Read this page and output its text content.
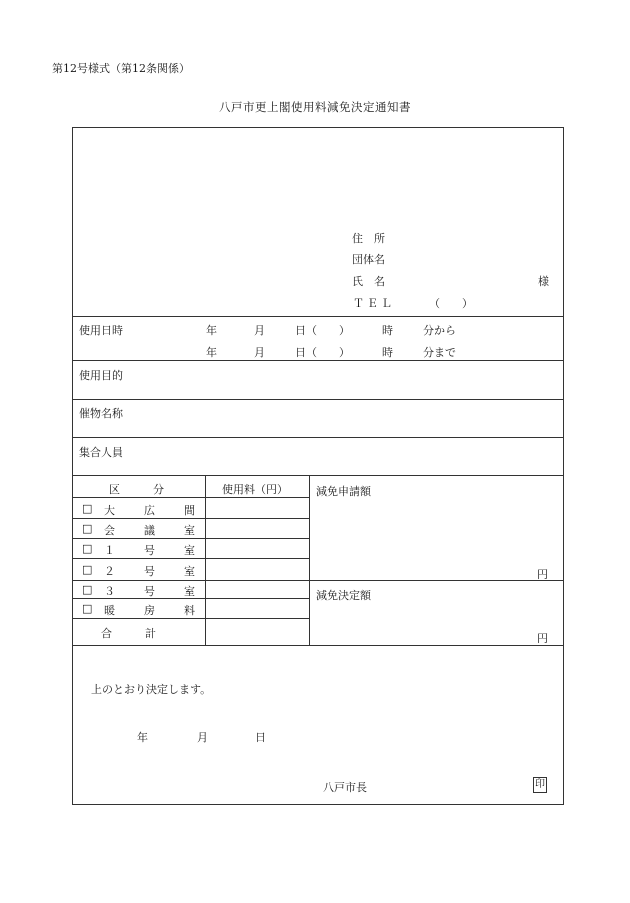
第12号様式（第12条関係）
八戸市更上閣使用料減免決定通知書
住　所
団体名
氏　名	様
ＴＥＬ	（　　）
使用日時	年	月	日（ ）	時	分から
年	月	日（ ）	時	分まで
使用目的
催物名称
集合人員
区　　　分	使用料（円）
□ 大　広　間
□ 会　議　室
□ １　号　室
□ ２　号　室
□ ３　号　室
□ 暖　房　料
合　　　計
減免申請額
円
減免決定額
円
上のとおり決定します。
年	月	日
八戸市長	印
